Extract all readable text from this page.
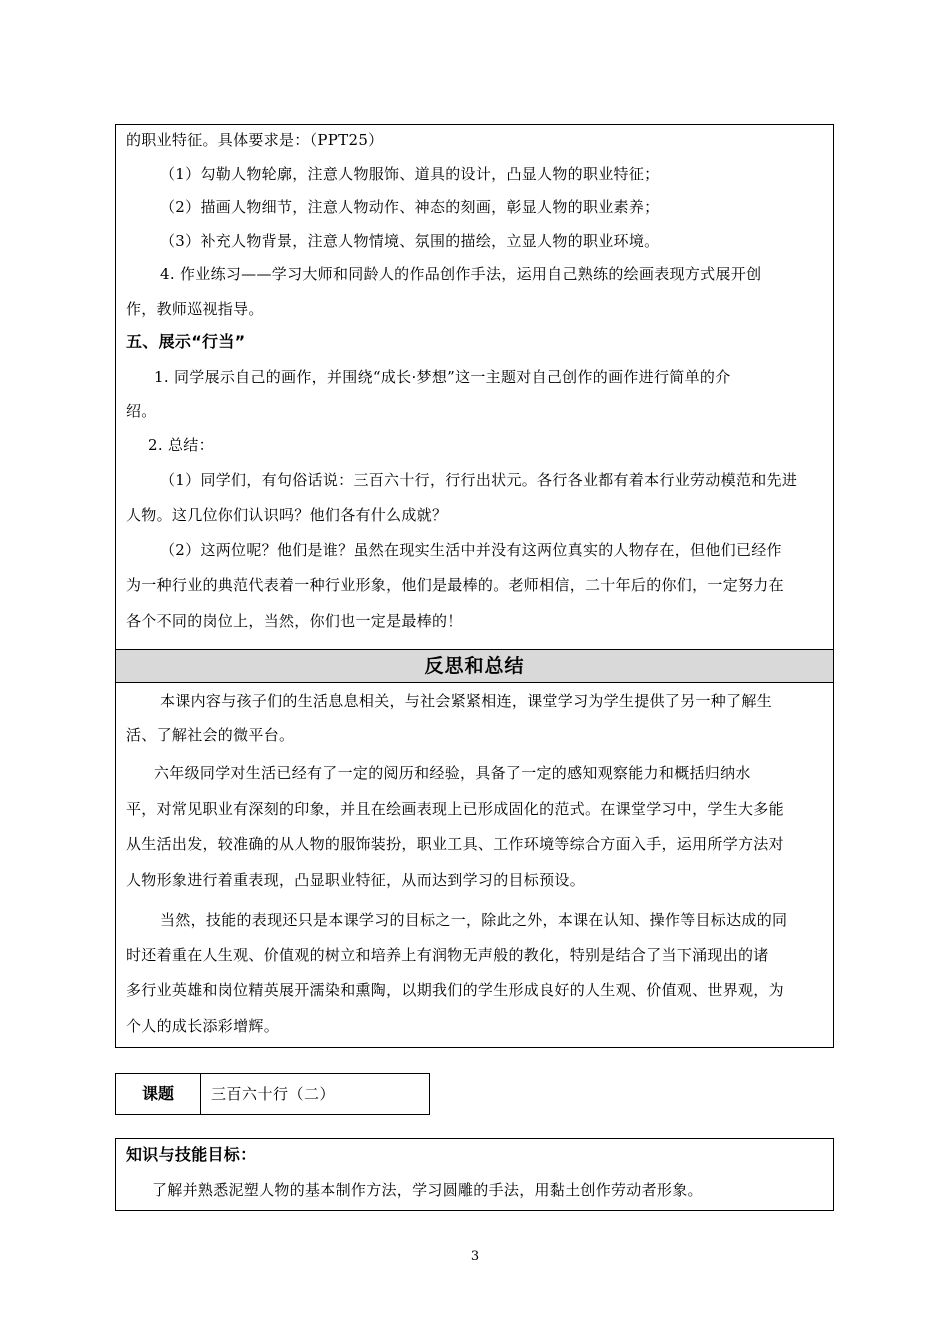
的职业特征。具体要求是：（PPT25）
（1）勾勒人物轮廓，注意人物服饰、道具的设计，凸显人物的职业特征；
（2）描画人物细节，注意人物动作、神态的刻画，彰显人物的职业素养；
（3）补充人物背景，注意人物情境、氛围的描绘，立显人物的职业环境。
4. 作业练习——学习大师和同龄人的作品创作手法，运用自己熟练的绘画表现方式展开创
作，教师巡视指导。
五、展示“行当”
1. 同学展示自己的画作，并围绕“成长·梦想”这一主题对自己创作的画作进行简单的介
绍。
2. 总结：
（1）同学们，有句俗话说：三百六十行，行行出状元。各行各业都有着本行业劳动模范和先进
人物。这几位你们认识吗？他们各有什么成就？
（2）这两位呢？他们是谁？虽然在现实生活中并没有这两位真实的人物存在，但他们已经作
为一种行业的典范代表着一种行业形象，他们是最棒的。老师相信，二十年后的你们，一定努力在
各个不同的岗位上，当然，你们也一定是最棒的！
反思和总结
本课内容与孩子们的生活息息相关，与社会紧紧相连，课堂学习为学生提供了另一种了解生
活、了解社会的微平台。
六年级同学对生活已经有了一定的阅历和经验，具备了一定的感知观察能力和概括归纳水
平，对常见职业有深刻的印象，并且在绘画表现上已形成固化的范式。在课堂学习中，学生大多能
从生活出发，较准确的从人物的服饰装扮，职业工具、工作环境等综合方面入手，运用所学方法对
人物形象进行着重表现，凸显职业特征，从而达到学习的目标预设。
当然，技能的表现还只是本课学习的目标之一，除此之外，本课在认知、操作等目标达成的同
时还着重在人生观、价值观的树立和培养上有润物无声般的教化，特别是结合了当下涌现出的诸
多行业英雄和岗位精英展开濡染和熏陶，以期我们的学生形成良好的人生观、价值观、世界观，为
个人的成长添彩增辉。
课题	三百六十行（二）
知识与技能目标：
了解并熟悉泥塑人物的基本制作方法，学习圆雕的手法，用黏土创作劳动者形象。
3
